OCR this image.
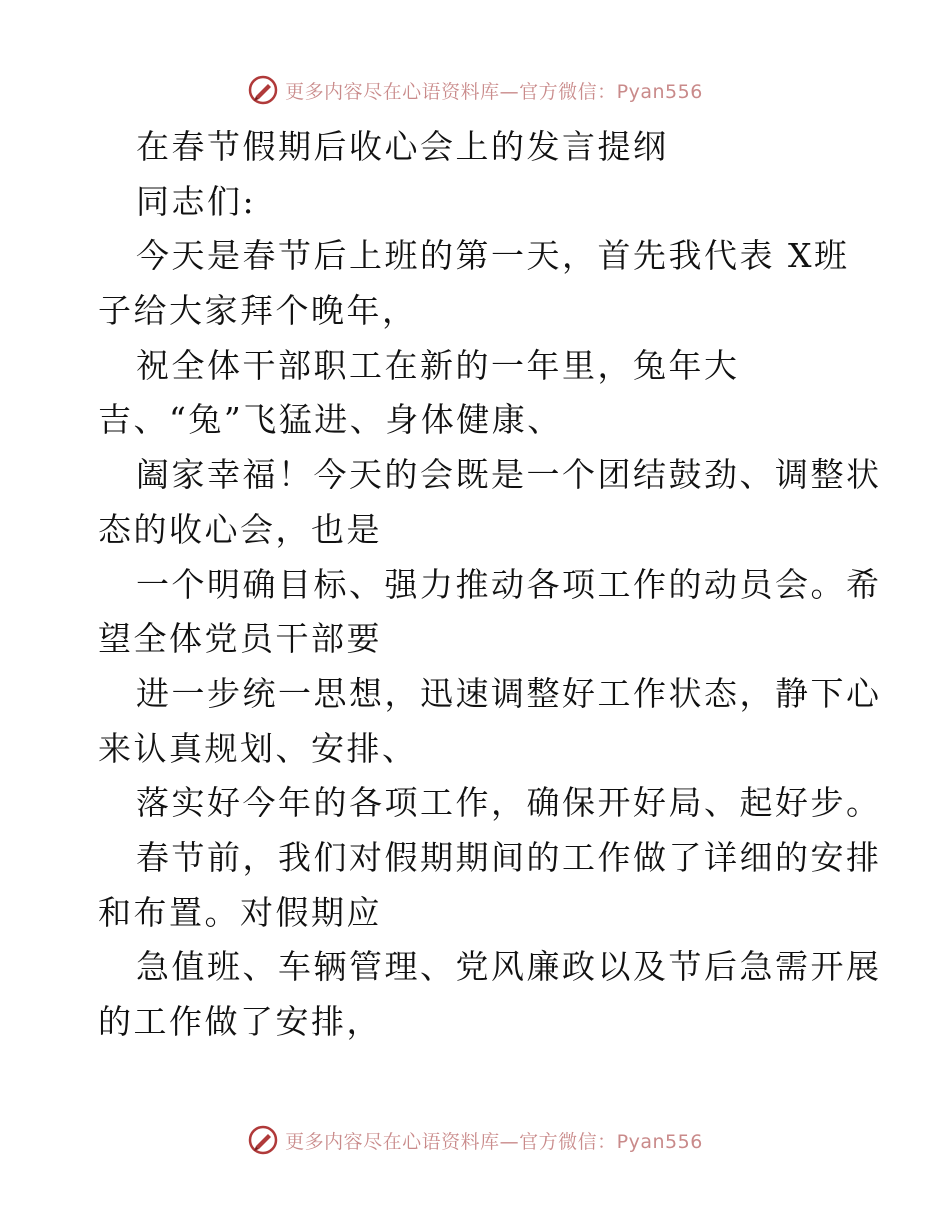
更多内容尽在心语资料库—官方微信：Pyan556
在春节假期后收心会上的发言提纲
同志们:
今天是春节后上班的第一天，首先我代表 X班
子给大家拜个晚年，
祝全体干部职工在新的一年里，兔年大
吉、“兔”飞猛进、身体健康、
阖家幸福！今天的会既是一个团结鼓劲、调整状
态的收心会，也是
一个明确目标、强力推动各项工作的动员会。希
望全体党员干部要
进一步统一思想，迅速调整好工作状态，静下心
来认真规划、安排、
落实好今年的各项工作，确保开好局、起好步。
春节前，我们对假期期间的工作做了详细的安排
和布置。对假期应
急值班、车辆管理、党风廉政以及节后急需开展
的工作做了安排，
更多内容尽在心语资料库—官方微信：Pyan556
